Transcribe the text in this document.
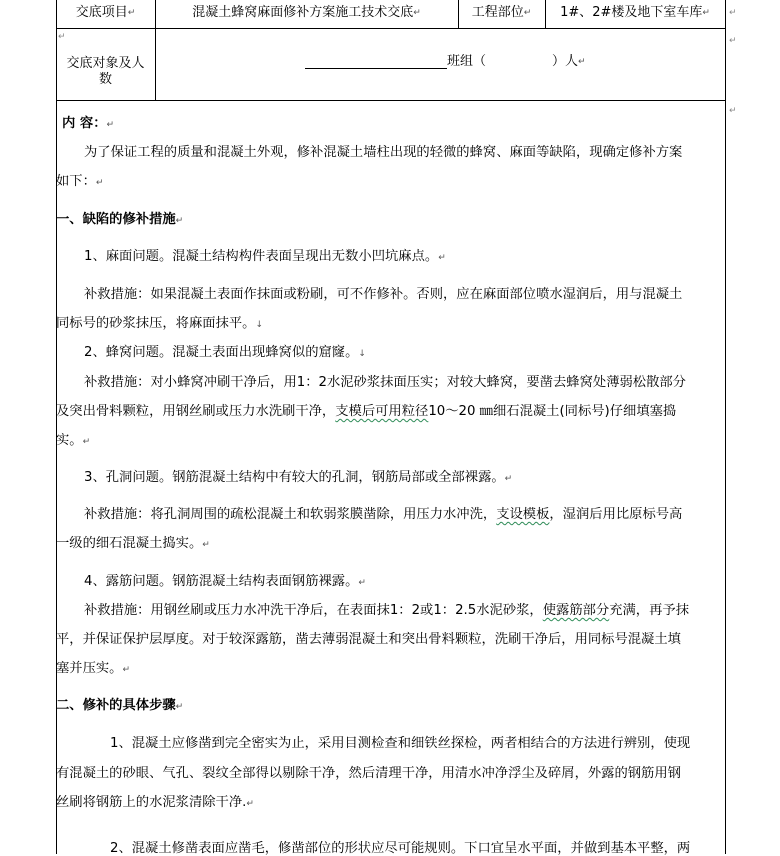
交底项目 ↵	混凝土蜂窝麻面修补方案施工技术交底 ↵	工程部位 ↵ 1#、2#楼及地下室车库 ↵ ↵
↵
交底对象及人
数
班组（	）人 ↵
↵
↵
内 容：↵
为了保证工程的质量和混凝土外观，修补混凝土墙柱出现的轻微的蜂窝、麻面等缺陷，现确定修补方案
如下：↵
一、缺陷的修补措施↵
1、麻面问题。混凝土结构构件表面呈现出无数小凹坑麻点。↵
补救措施：如果混凝土表面作抹面或粉刷，可不作修补。否则，应在麻面部位喷水湿润后，用与混凝土
同标号的砂浆抹压，将麻面抹平。↓
2、蜂窝问题。混凝土表面出现蜂窝似的窟窿。↓
补救措施：对小蜂窝冲刷干净后，用1：2水泥砂浆抹面压实；对较大蜂窝，要凿去蜂窝处薄弱松散部分
及突出骨料颗粒，用钢丝刷或压力水洗刷干净，支模后可用粒径10～20 ㎜细石混凝土(同标号)仔细填塞捣
实。↵
3、孔洞问题。钢筋混凝土结构中有较大的孔洞，钢筋局部或全部裸露。↵
补救措施：将孔洞周围的疏松混凝土和软弱浆膜凿除，用压力水冲洗，支设模板，湿润后用比原标号高
一级的细石混凝土捣实。↵
4、露筋问题。钢筋混凝土结构表面钢筋裸露。↵
补救措施：用钢丝刷或压力水冲洗干净后，在表面抹1：2或1：2.5水泥砂浆，使露筋部分充满，再予抹
平，并保证保护层厚度。对于较深露筋，凿去薄弱混凝土和突出骨料颗粒，洗刷干净后，用同标号混凝土填
塞并压实。↵
二、修补的具体步骤↵
1、混凝土应修凿到完全密实为止，采用目测检查和细铁丝探检，两者相结合的方法进行辨别，使现
有混凝土的砂眼、气孔、裂纹全部得以剔除干净，然后清理干净，用清水冲净浮尘及碎屑，外露的钢筋用钢
丝刷将钢筋上的水泥浆清除干净.↵
2、混凝土修凿表面应凿毛，修凿部位的形状应尽可能规则。下口宜呈水平面，并做到基本平整，两
